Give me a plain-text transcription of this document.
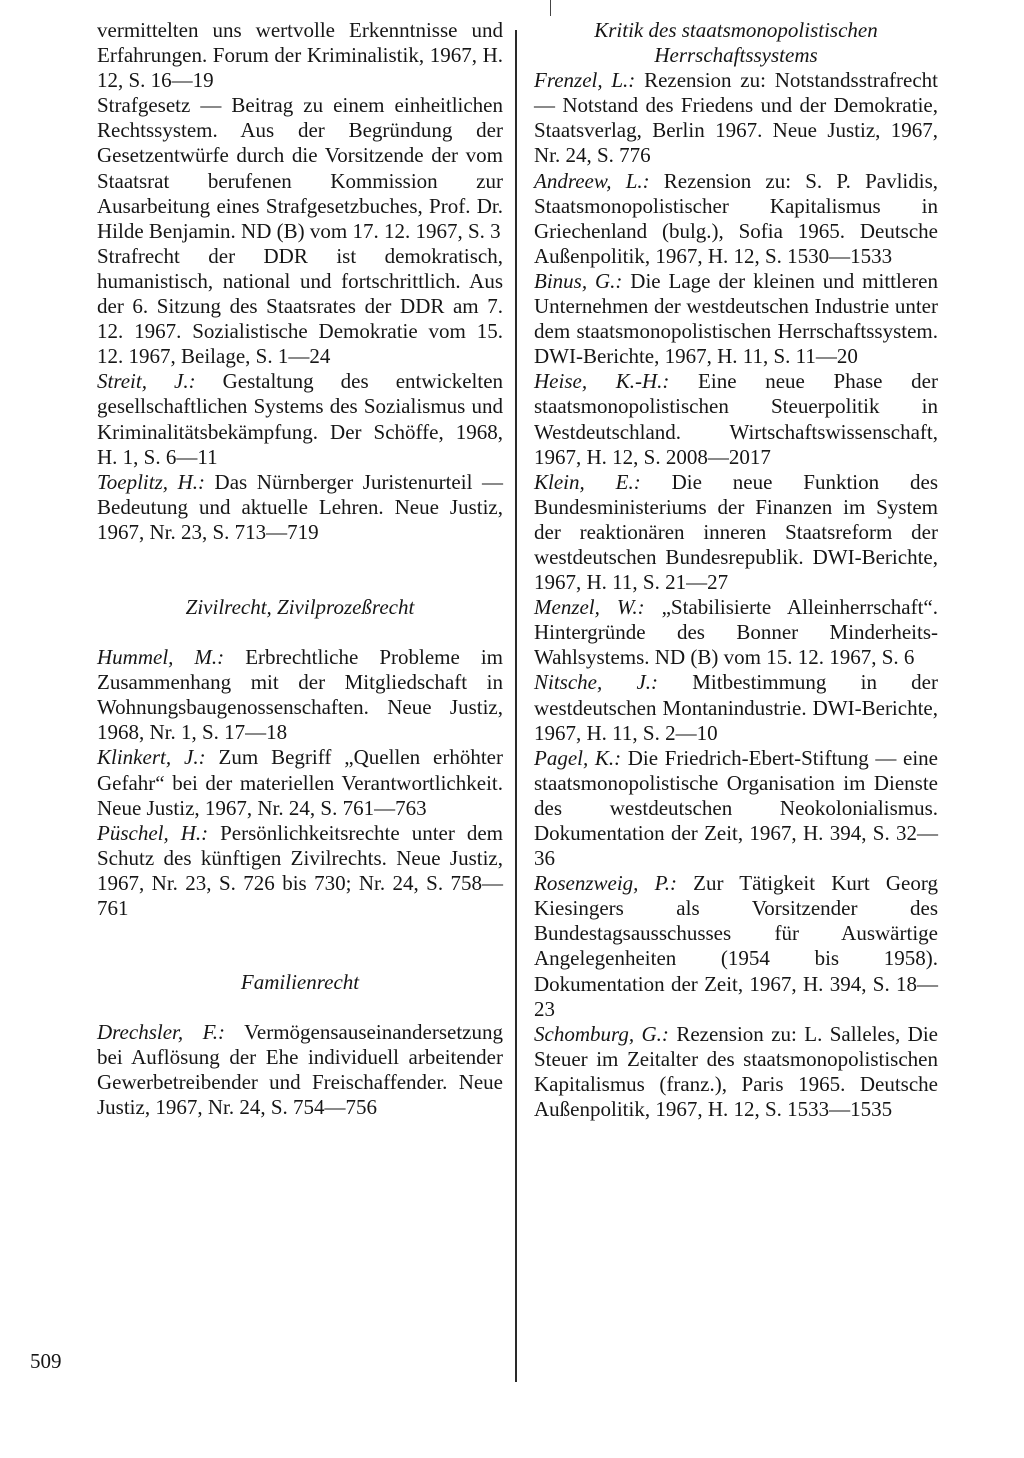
vermittelten uns wertvolle Erkenntnisse und Erfahrungen. Forum der Kriminalistik, 1967, H. 12, S. 16—19

Strafgesetz — Beitrag zu einem einheitlichen Rechtssystem. Aus der Begründung der Gesetzentwürfe durch die Vorsitzende der vom Staatsrat berufenen Kommission zur Ausarbeitung eines Strafgesetzbuches, Prof. Dr. Hilde Benjamin. ND (B) vom 17. 12. 1967, S. 3

Strafrecht der DDR ist demokratisch, humanistisch, national und fortschrittlich. Aus der 6. Sitzung des Staatsrates der DDR am 7. 12. 1967. Sozialistische Demokratie vom 15. 12. 1967, Beilage, S. 1—24

Streit, J.: Gestaltung des entwickelten gesellschaftlichen Systems des Sozialismus und Kriminalitätsbekämpfung. Der Schöffe, 1968, H. 1, S. 6—11

Toeplitz, H.: Das Nürnberger Juristenurteil — Bedeutung und aktuelle Lehren. Neue Justiz, 1967, Nr. 23, S. 713—719

Zivilrecht, Zivilprozeßrecht

Hummel, M.: Erbrechtliche Probleme im Zusammenhang mit der Mitgliedschaft in Wohnungsbaugenossenschaften. Neue Justiz, 1968, Nr. 1, S. 17—18

Klinkert, J.: Zum Begriff „Quellen erhöhter Gefahr“ bei der materiellen Verantwortlichkeit. Neue Justiz, 1967, Nr. 24, S. 761—763

Püschel, H.: Persönlichkeitsrechte unter dem Schutz des künftigen Zivilrechts. Neue Justiz, 1967, Nr. 23, S. 726 bis 730; Nr. 24, S. 758—761

Familienrecht

Drechsler, F.: Vermögensauseinandersetzung bei Auflösung der Ehe individuell arbeitender Gewerbetreibender und Freischaffender. Neue Justiz, 1967, Nr. 24, S. 754—756

Kritik des staatsmonopolistischen Herrschaftssystems

Frenzel, L.: Rezension zu: Notstandsstrafrecht — Notstand des Friedens und der Demokratie, Staatsverlag, Berlin 1967. Neue Justiz, 1967, Nr. 24, S. 776

Andreew, L.: Rezension zu: S. P. Pavlidis, Staatsmonopolistischer Kapitalismus in Griechenland (bulg.), Sofia 1965. Deutsche Außenpolitik, 1967, H. 12, S. 1530—1533

Binus, G.: Die Lage der kleinen und mittleren Unternehmen der westdeutschen Industrie unter dem staatsmonopolistischen Herrschaftssystem. DWI-Berichte, 1967, H. 11, S. 11—20

Heise, K.-H.: Eine neue Phase der staatsmonopolistischen Steuerpolitik in Westdeutschland. Wirtschaftswissenschaft, 1967, H. 12, S. 2008—2017

Klein, E.: Die neue Funktion des Bundesministeriums der Finanzen im System der reaktionären inneren Staatsreform der westdeutschen Bundesrepublik. DWI-Berichte, 1967, H. 11, S. 21—27

Menzel, W.: „Stabilisierte Alleinherrschaft“. Hintergründe des Bonner Minderheits-Wahlsystems. ND (B) vom 15. 12. 1967, S. 6

Nitsche, J.: Mitbestimmung in der westdeutschen Montanindustrie. DWI-Berichte, 1967, H. 11, S. 2—10

Pagel, K.: Die Friedrich-Ebert-Stiftung — eine staatsmonopolistische Organisation im Dienste des westdeutschen Neokolonialismus. Dokumentation der Zeit, 1967, H. 394, S. 32—36

Rosenzweig, P.: Zur Tätigkeit Kurt Georg Kiesingers als Vorsitzender des Bundestagsausschusses für Auswärtige Angelegenheiten (1954 bis 1958). Dokumentation der Zeit, 1967, H. 394, S. 18—23

Schomburg, G.: Rezension zu: L. Salleles, Die Steuer im Zeitalter des staatsmonopolistischen Kapitalismus (franz.), Paris 1965. Deutsche Außenpolitik, 1967, H. 12, S. 1533—1535

509
